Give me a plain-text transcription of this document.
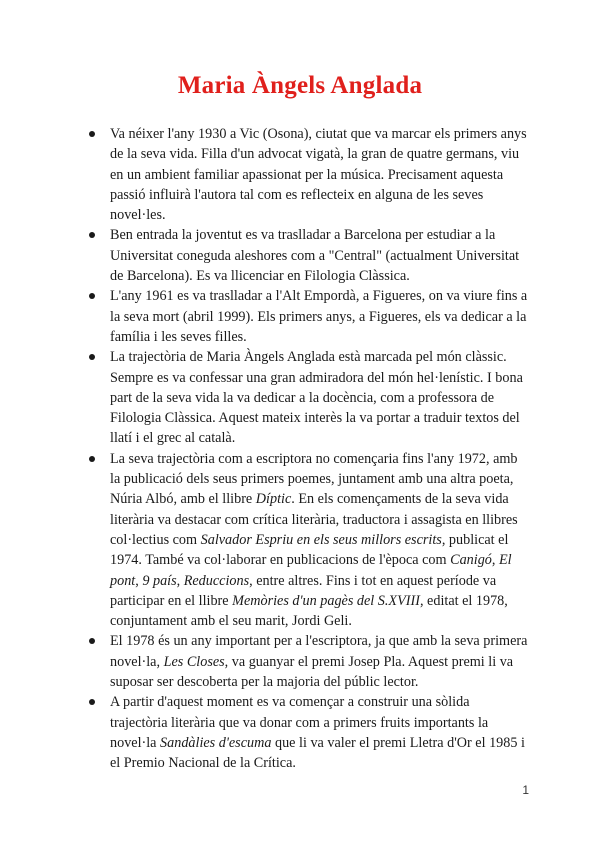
Maria Àngels Anglada
Va néixer l'any 1930 a Vic (Osona), ciutat que va marcar els primers anys de la seva vida. Filla d'un advocat vigatà, la gran de quatre germans, viu en un ambient familiar apassionat per la música. Precisament aquesta passió influirà l'autora tal com es reflecteix en alguna de les seves novel·les.
Ben entrada la joventut es va traslladar a Barcelona per estudiar a la Universitat coneguda aleshores com a "Central" (actualment Universitat de Barcelona). Es va llicenciar en Filologia Clàssica.
L'any 1961 es va traslladar a l'Alt Empordà, a Figueres, on va viure fins a la seva mort (abril 1999). Els primers anys, a Figueres, els va dedicar a la família i les seves filles.
La trajectòria de Maria Àngels Anglada està marcada pel món clàssic. Sempre es va confessar una gran admiradora del món hel·lenístic. I bona part de la seva vida la va dedicar a la docència, com a professora de Filologia Clàssica. Aquest mateix interès la va portar a traduir textos del llatí i el grec al català.
La seva trajectòria com a escriptora no començaria fins l'any 1972, amb la publicació dels seus primers poemes, juntament amb una altra poeta, Núria Albó, amb el llibre Díptic. En els començaments de la seva vida literària va destacar com crítica literària, traductora i assagista en llibres col·lectius com Salvador Espriu en els seus millors escrits, publicat el 1974. També va col·laborar en publicacions de l'època com Canigó, El pont, 9 país, Reduccions, entre altres. Fins i tot en aquest període va participar en el llibre Memòries d'un pagès del S.XVIII, editat el 1978, conjuntament amb el seu marit, Jordi Geli.
El 1978 és un any important per a l'escriptora, ja que amb la seva primera novel·la, Les Closes, va guanyar el premi Josep Pla. Aquest premi li va suposar ser descoberta per la majoria del públic lector.
A partir d'aquest moment es va començar a construir una sòlida trajectòria literària que va donar com a primers fruits importants la novel·la Sandàlies d'escuma que li va valer el premi Lletra d'Or el 1985 i el Premio Nacional de la Crítica.
1
